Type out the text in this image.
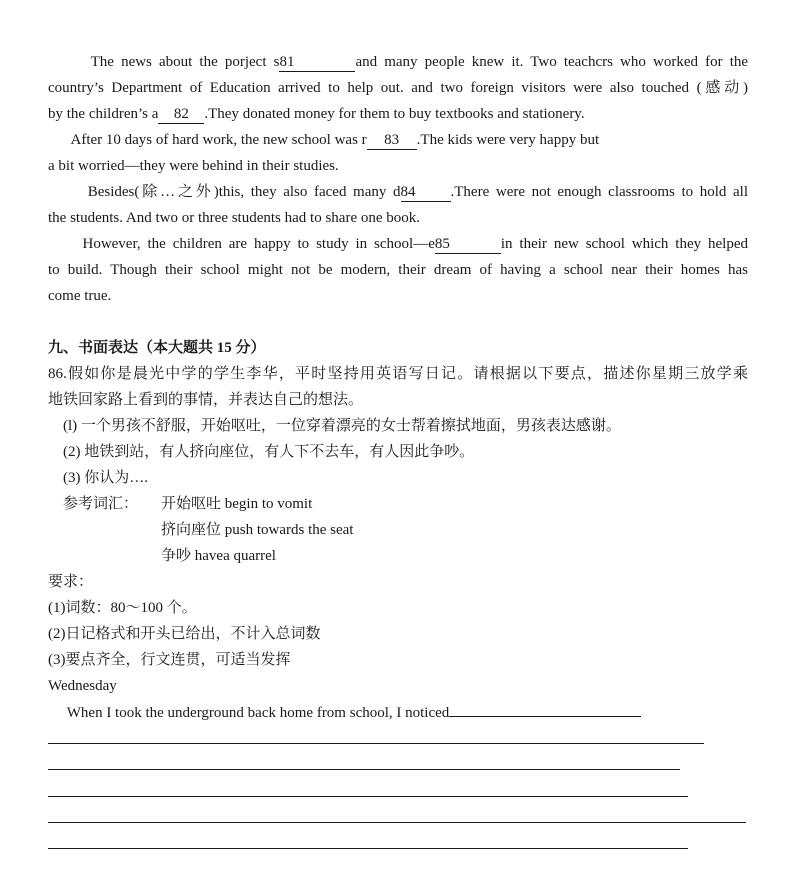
The news about the porject s81	and many people knew it. Two teachcrs who worked for the
country’s Department of Education arrived to help out. and two foreign visitors were also touched (感动)
by the children’s a 82 .They donated money for them to buy textbooks and stationery.
After 10 days of hard work, the new school was r 83 .The kids were very happy but
a bit worried—they were behind in their studies.
Besides(除…之外)this, they also faced many d84 .There were not enough classrooms to hold all
the students. And two or three students had to share one book.
However, the children are happy to study in school—e85	in their new school which they helped
to build. Though their school might not be modern, their dream of having a school near their homes has
come true.
九、书面表达（本大题共 15 分）
86.假如你是晨光中学的学生李华，平时坚持用英语写日记。请根据以下要点，描述你星期三放学乘
地铁回家路上看到的事情，并表达自己的想法。
(l) 一个男孩不舒服，开始呕吐，一位穿着漂亮的女士帮着擦拭地面，男孩表达感谢。
(2) 地铁到站，有人挤向座位，有人下不去车，有人因此争吵。
(3) 你认为….
参考词汇：	开始呕吐 begin to vomit
挤向座位 push towards the seat
争吵 havea quarrel
要求：
(1)词数：80～100 个。
(2)日记格式和开头已给出，不计入总词数
(3)要点齐全，行文连贯，可适当发挥
Wednesday
When I took the underground back home from school, I noticed
